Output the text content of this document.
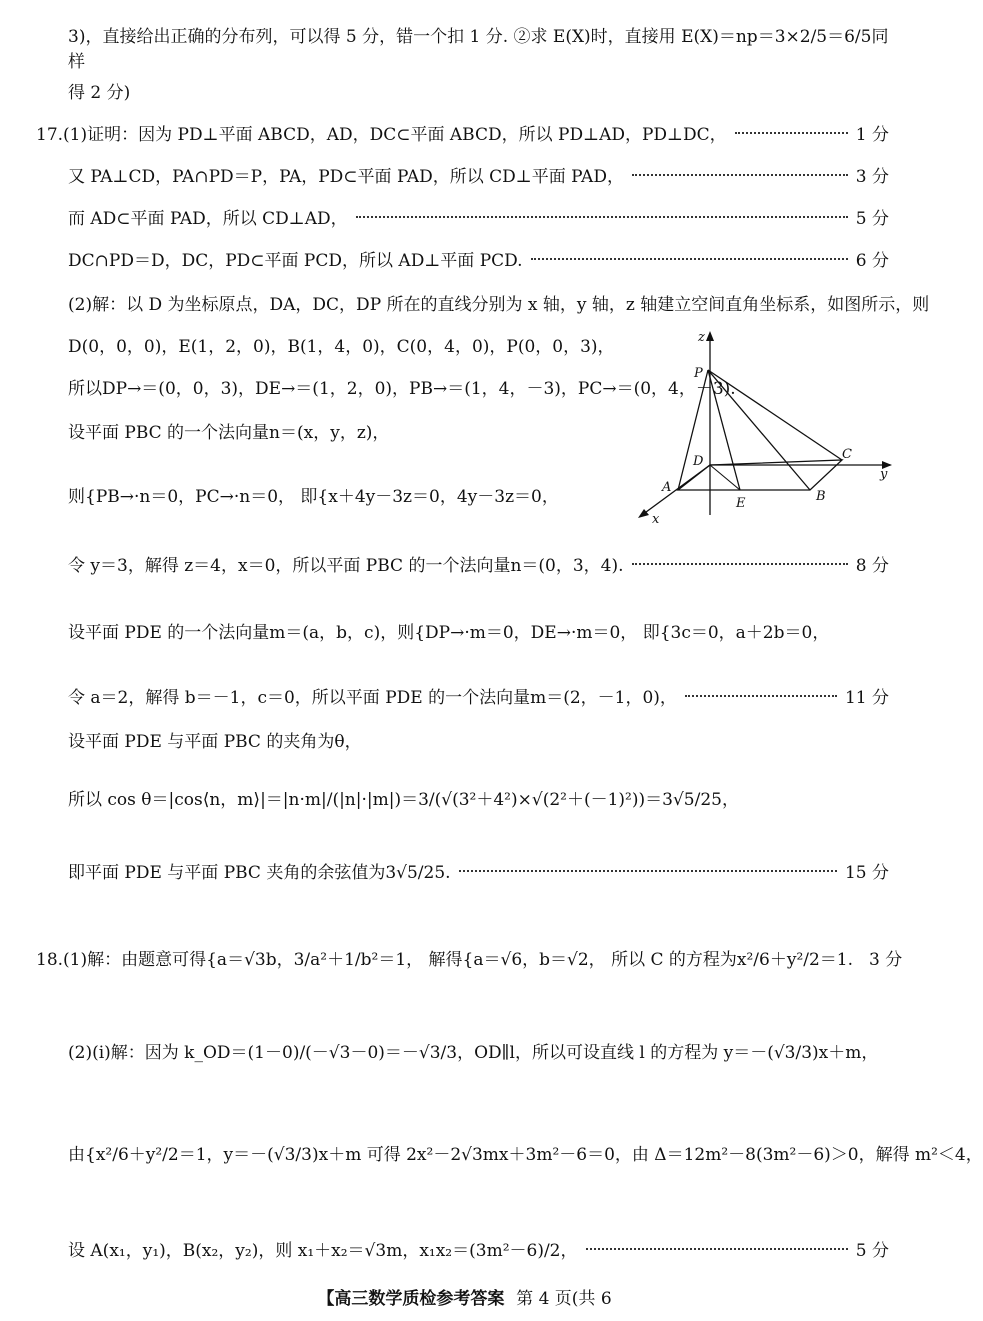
3)，直接给出正确的分布列，可以得 5 分，错一个扣 1 分. ②求 E(X)时，直接用 E(X)＝np＝3×2/5＝6/5同样
得 2 分)
17.(1)证明：因为 PD⊥平面 ABCD，AD，DC⊂平面 ABCD，所以 PD⊥AD，PD⊥DC，	1 分
又 PA⊥CD，PA∩PD＝P，PA，PD⊂平面 PAD，所以 CD⊥平面 PAD，	3 分
而 AD⊂平面 PAD，所以 CD⊥AD，	5 分
DC∩PD＝D，DC，PD⊂平面 PCD，所以 AD⊥平面 PCD.	6 分
(2)解：以 D 为坐标原点，DA，DC，DP 所在的直线分别为 x 轴，y 轴，z 轴建立空间直角坐标系，如图所示，则
D(0，0，0)，E(1，2，0)，B(1，4，0)，C(0，4，0)，P(0，0，3)，
所以DP→＝(0，0，3)，DE→＝(1，2，0)，PB→＝(1，4，－3)，PC→＝(0，4，－3).
设平面 PBC 的一个法向量n＝(x，y，z)，
则{PB→·n＝0，PC→·n＝0， 即{x＋4y－3z＝0，4y－3z＝0，
z
P
D	C
y
A
E	B
x
令 y＝3，解得 z＝4，x＝0，所以平面 PBC 的一个法向量n＝(0，3，4).	8 分
设平面 PDE 的一个法向量m＝(a，b，c)，则{DP→·m＝0，DE→·m＝0， 即{3c＝0，a＋2b＝0，
令 a＝2，解得 b＝－1，c＝0，所以平面 PDE 的一个法向量m＝(2，－1，0)，	11 分
设平面 PDE 与平面 PBC 的夹角为θ，
所以 cos θ＝|cos⟨n，m⟩|＝|n·m|/(|n|·|m|)＝3/(√(3²＋4²)×√(2²＋(－1)²))＝3√5/25，
即平面 PDE 与平面 PBC 夹角的余弦值为3√5/25.	15 分
18.(1)解：由题意可得{a＝√3b，3/a²＋1/b²＝1， 解得{a＝√6，b＝√2， 所以 C 的方程为x²/6＋y²/2＝1. 3 分
(2)(ⅰ)解：因为 k_OD＝(1－0)/(－√3－0)＝－√3/3，OD∥l，所以可设直线 l 的方程为 y＝－(√3/3)x＋m，
由{x²/6＋y²/2＝1，y＝－(√3/3)x＋m 可得 2x²－2√3mx＋3m²－6＝0，由 Δ＝12m²－8(3m²－6)＞0，解得 m²＜4，
设 A(x₁，y₁)，B(x₂，y₂)，则 x₁＋x₂＝√3m，x₁x₂＝(3m²－6)/2，	5 分
【高三数学质检参考答案 第 4 页(共 6
